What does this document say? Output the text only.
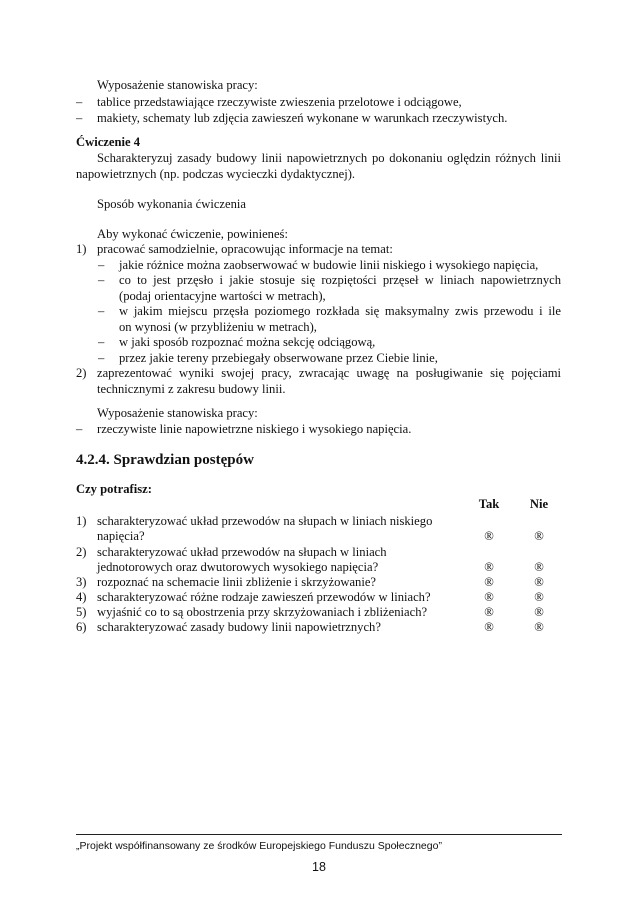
Wyposażenie stanowiska pracy:
– tablice przedstawiające rzeczywiste zwieszenia przelotowe i odciągowe,
– makiety, schematy lub zdjęcia zawieszeń wykonane w warunkach rzeczywistych.
Ćwiczenie 4
Scharakteryzuj zasady budowy linii napowietrznych po dokonaniu oględzin różnych linii
napowietrznych (np. podczas wycieczki dydaktycznej).
Sposób wykonania ćwiczenia
Aby wykonać ćwiczenie, powinieneś:
1) pracować samodzielnie, opracowując informacje na temat:
– jakie różnice można zaobserwować w budowie linii niskiego i wysokiego napięcia,
– co to jest przęsło i jakie stosuje się rozpiętości przęseł w liniach napowietrznych
(podaj orientacyjne wartości w metrach),
– w jakim miejscu przęsła poziomego rozkłada się maksymalny zwis przewodu i ile
on wynosi (w przybliżeniu w metrach),
– w jaki sposób rozpoznać można sekcję odciągową,
– przez jakie tereny przebiegały obserwowane przez Ciebie linie,
2) zaprezentować wyniki swojej pracy, zwracając uwagę na posługiwanie się pojęciami
technicznymi z zakresu budowy linii.
Wyposażenie stanowiska pracy:
– rzeczywiste linie napowietrzne niskiego i wysokiego napięcia.
4.2.4. Sprawdzian postępów
Czy potrafisz:
Tak	Nie
1) scharakteryzować układ przewodów na słupach w liniach niskiego
napięcia?	®	®
2) scharakteryzować układ przewodów na słupach w liniach
jednotorowych oraz dwutorowych wysokiego napięcia?	®	®
3) rozpoznać na schemacie linii zbliżenie i skrzyżowanie?	®	®
4) scharakteryzować różne rodzaje zawieszeń przewodów w liniach?	®	®
5) wyjaśnić co to są obostrzenia przy skrzyżowaniach i zbliżeniach?	®	®
6) scharakteryzować zasady budowy linii napowietrznych?	®	®
„Projekt współfinansowany ze środków Europejskiego Funduszu Społecznego”
18
